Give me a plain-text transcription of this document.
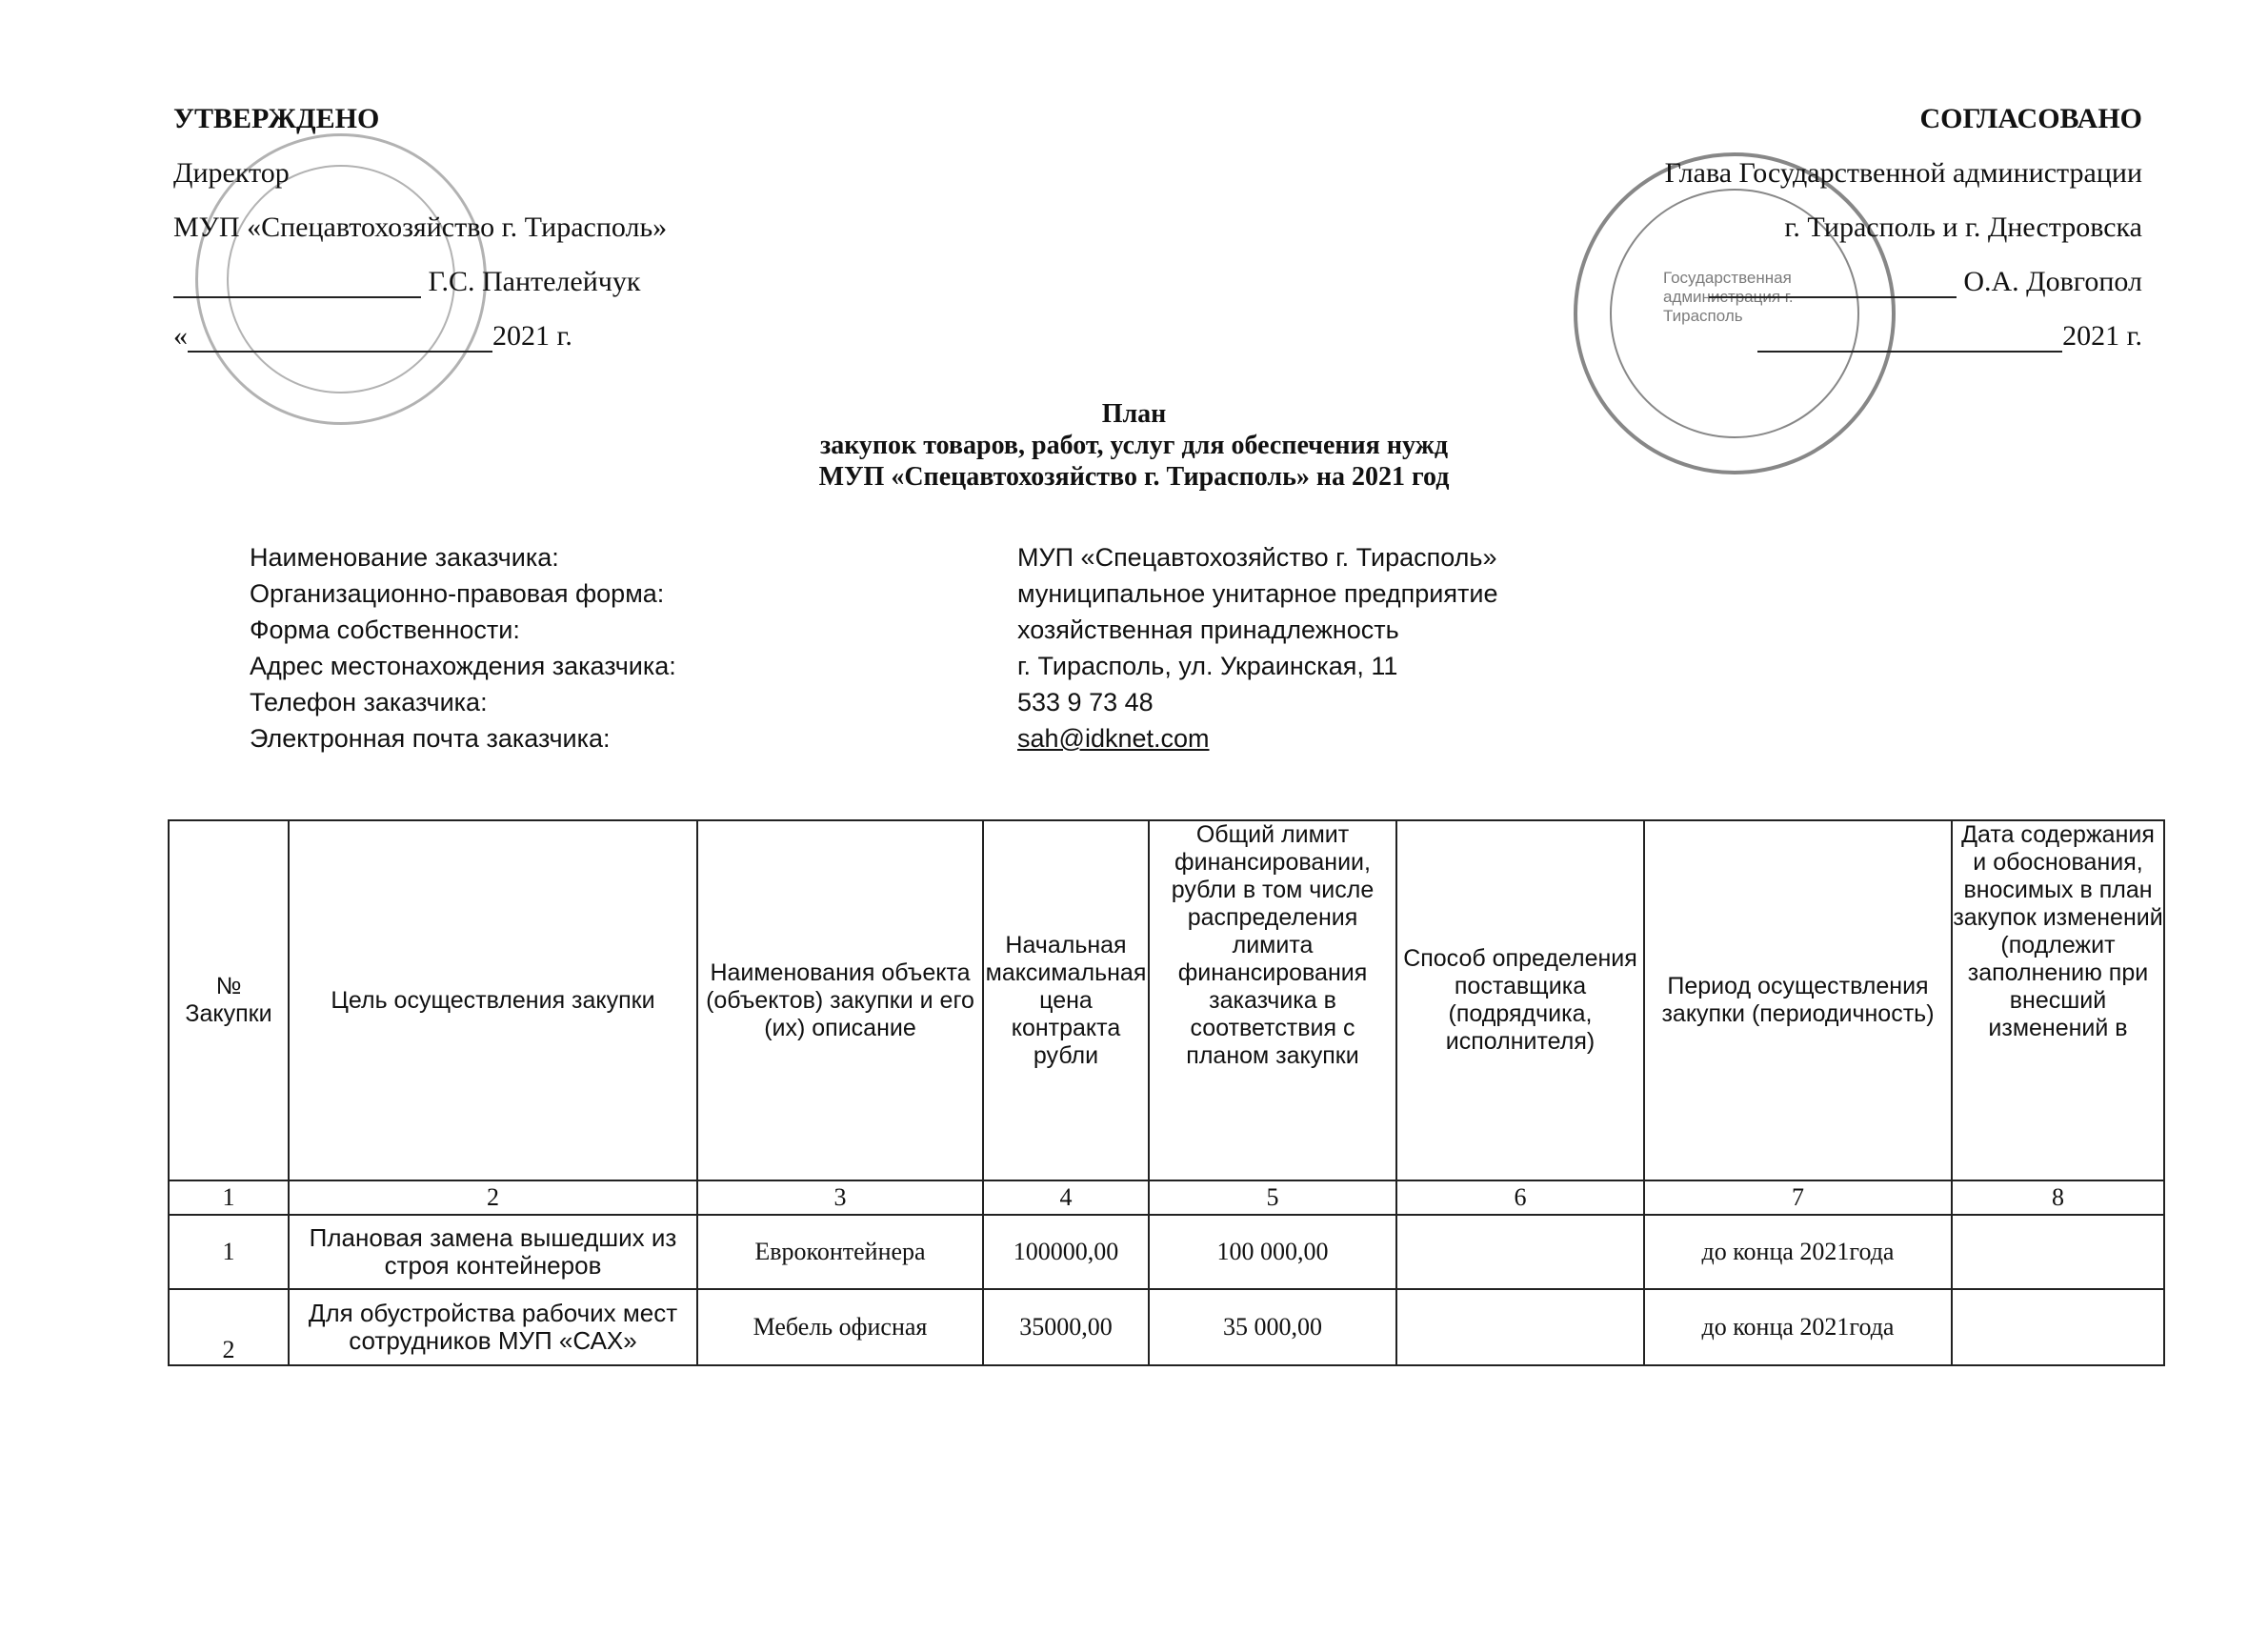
Государственная администрация г. Тирасполь
УТВЕРЖДЕНО
Директор
МУП «Спецавтохозяйство г. Тирасполь»
Г.С. Пантелейчук
«	2021 г.
СОГЛАСОВАНО
Глава Государственной администрации
г. Тирасполь и г. Днестровска
О.А. Довгопол
2021 г.
План
закупок товаров, работ, услуг для обеспечения нужд
МУП «Спецавтохозяйство г. Тирасполь» на 2021 год
Наименование заказчика:	МУП «Спецавтохозяйство г. Тирасполь»
Организационно-правовая форма:	муниципальное унитарное предприятие
Форма собственности:	хозяйственная принадлежность
Адрес местонахождения заказчика:	г. Тирасполь, ул. Украинская, 11
Телефон заказчика:	533 9 73 48
Электронная почта заказчика:	sah@idknet.com
№ Закупки	Цель осуществления закупки	Наименования объекта (объектов) закупки и его (их) описание	Начальная максимальная цена контракта рубли	Общий лимит финансировании, рубли в том числе распределения лимита финансирования заказчика в соответствия с планом закупки	Способ определения поставщика (подрядчика, исполнителя)	Период осуществления закупки (периодичность)	Дата содержания и обоснования, вносимых в план закупок изменений (подлежит заполнению при внесший изменений в

1	2	3	4	5	6	7	8
1	Плановая замена вышедших из строя контейнеров	Евроконтейнера	100000,00	100 000,00		до конца 2021года	
2	Для обустройства рабочих мест сотрудников МУП «САХ»	Мебель офисная	35000,00	35 000,00		до конца 2021года	
